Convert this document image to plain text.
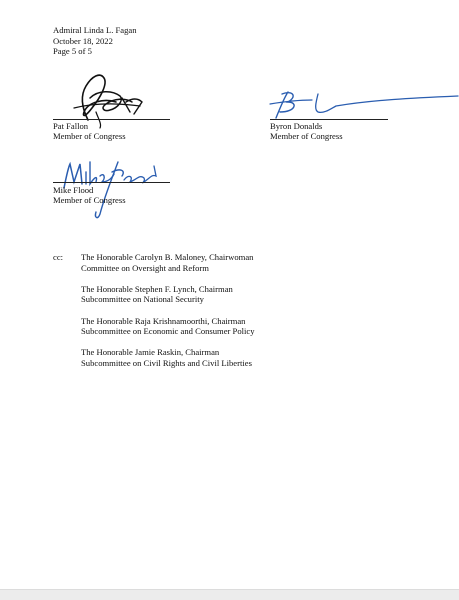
Admiral Linda L. Fagan
October 18, 2022
Page 5 of 5
Pat Fallon
Member of Congress
Byron Donalds
Member of Congress
Mike Flood
Member of Congress
cc: The Honorable Carolyn B. Maloney, Chairwoman
Committee on Oversight and Reform
The Honorable Stephen F. Lynch, Chairman
Subcommittee on National Security
The Honorable Raja Krishnamoorthi, Chairman
Subcommittee on Economic and Consumer Policy
The Honorable Jamie Raskin, Chairman
Subcommittee on Civil Rights and Civil Liberties
